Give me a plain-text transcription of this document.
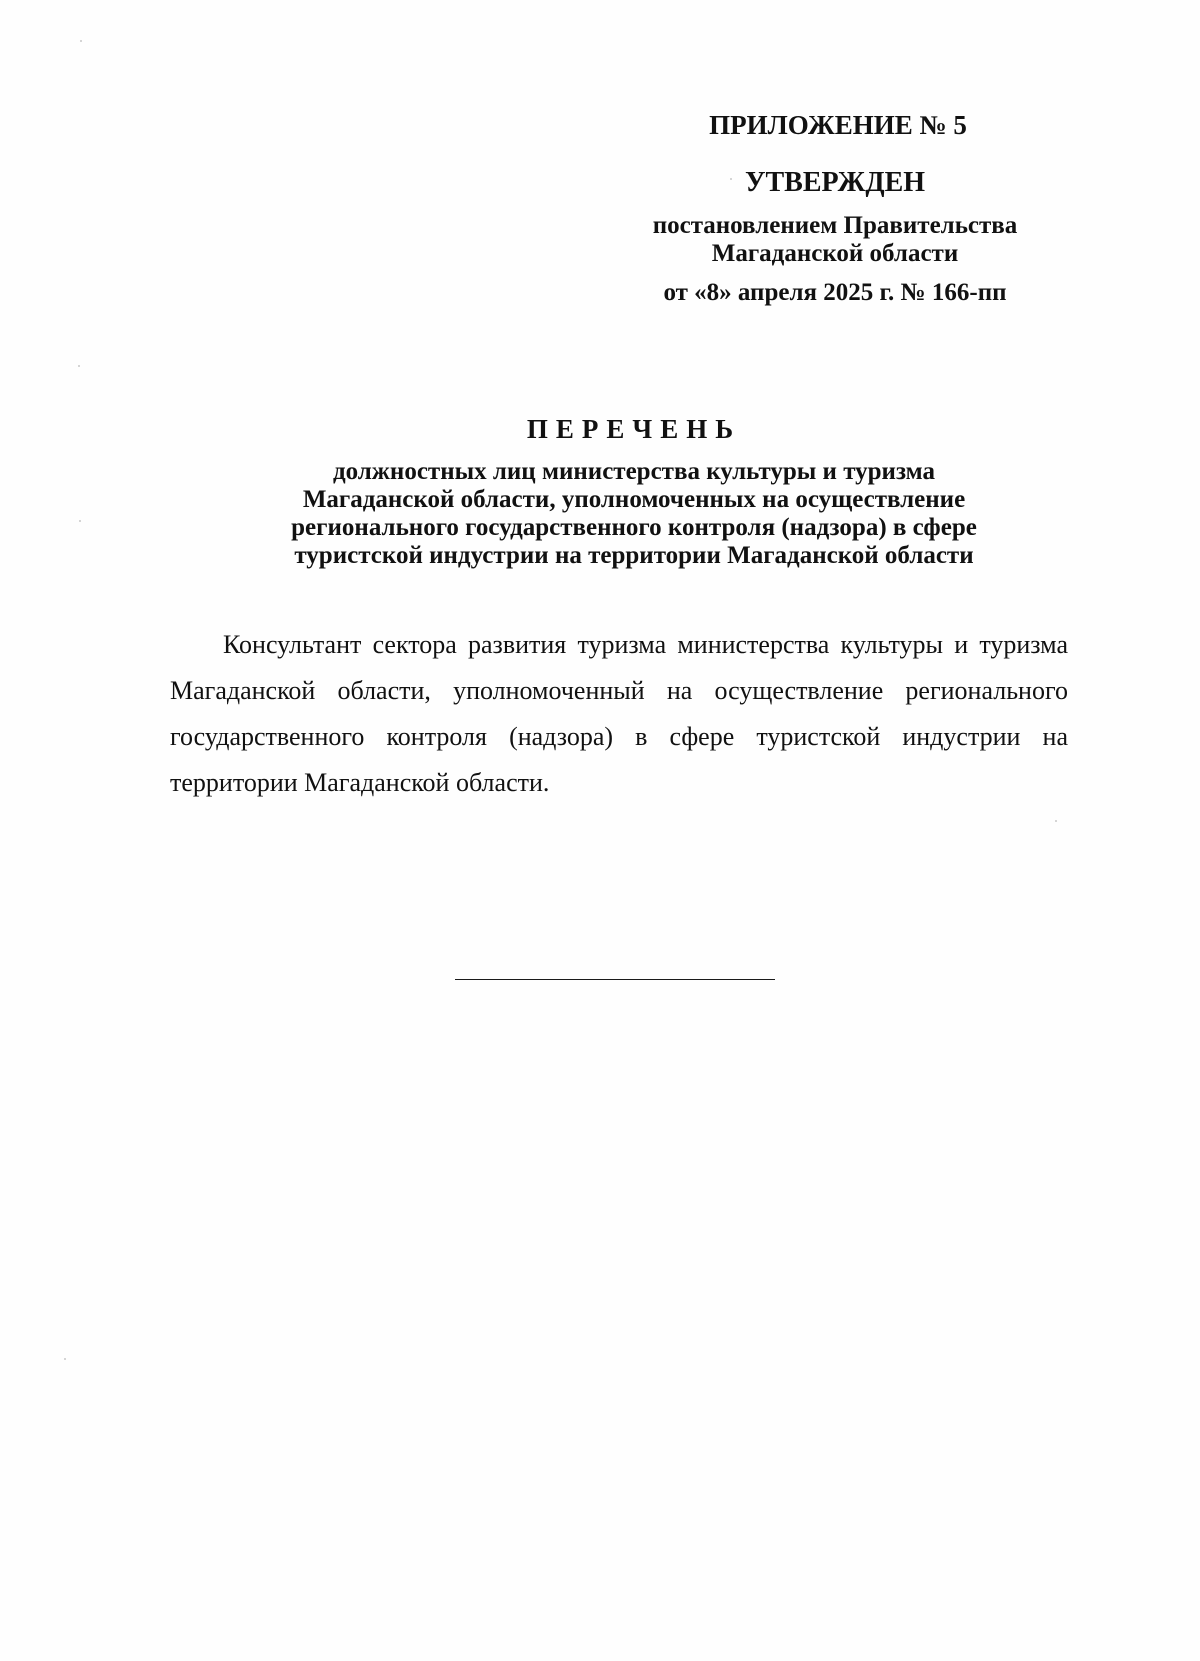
ПРИЛОЖЕНИЕ № 5
УТВЕРЖДЕН
постановлением Правительства
Магаданской области
от «8» апреля 2025 г. № 166-пп
ПЕРЕЧЕНЬ
должностных лиц министерства культуры и туризма
Магаданской области, уполномоченных на осуществление
регионального государственного контроля (надзора) в сфере
туристской индустрии на территории Магаданской области

Консультант сектора развития туризма министерства культуры и туризма Магаданской области, уполномоченный на осуществление регионального государственного контроля (надзора) в сфере туристской индустрии на территории Магаданской области.
